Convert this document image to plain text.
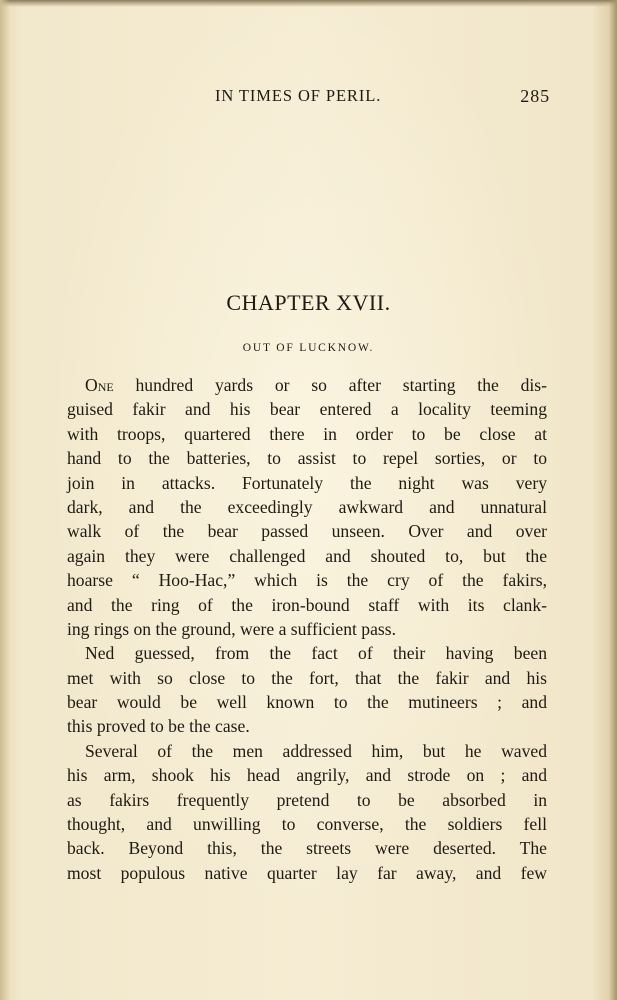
IN TIMES OF PERIL.	285
CHAPTER XVII.
OUT OF LUCKNOW.
One hundred yards or so after starting the dis-
guised fakir and his bear entered a locality teeming
with troops, quartered there in order to be close at
hand to the batteries, to assist to repel sorties, or to
join in attacks. Fortunately the night was very
dark, and the exceedingly awkward and unnatural
walk of the bear passed unseen. Over and over
again they were challenged and shouted to, but the
hoarse “ Hoo-Hac,” which is the cry of the fakirs,
and the ring of the iron-bound staff with its clank-
ing rings on the ground, were a sufficient pass.
Ned guessed, from the fact of their having been
met with so close to the fort, that the fakir and his
bear would be well known to the mutineers ; and
this proved to be the case.
Several of the men addressed him, but he waved
his arm, shook his head angrily, and strode on ; and
as fakirs frequently pretend to be absorbed in
thought, and unwilling to converse, the soldiers fell
back. Beyond this, the streets were deserted. The
most populous native quarter lay far away, and few
